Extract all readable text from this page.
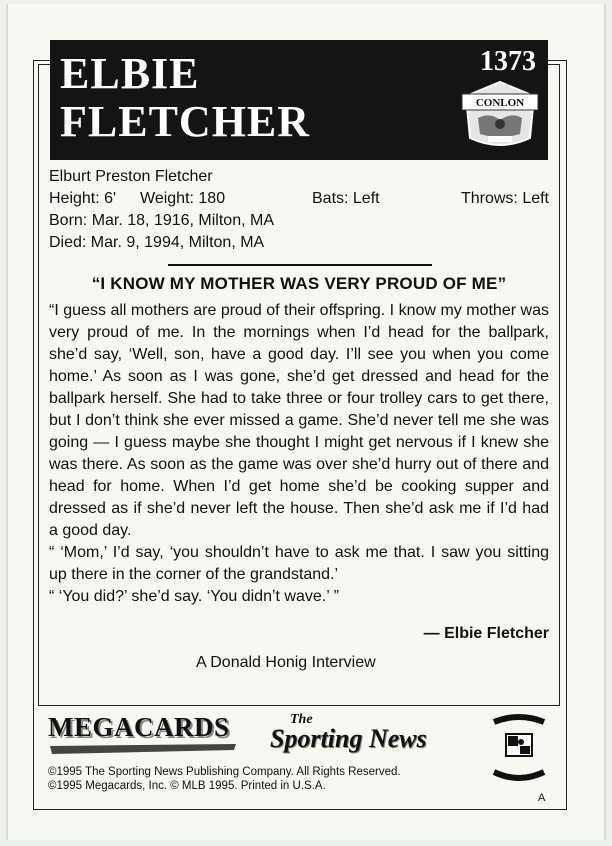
ELBIE
FLETCHER
1373
CONLON
Elburt Preston Fletcher
Height: 6'	Weight: 180	Bats: Left	Throws: Left
Born: Mar. 18, 1916, Milton, MA
Died: Mar. 9, 1994, Milton, MA
“I KNOW MY MOTHER WAS VERY PROUD OF ME”

“I guess all mothers are proud of their offspring. I know my mother was very proud of me. In the mornings when I’d head for the ballpark, she’d say, ‘Well, son, have a good day. I’ll see you when you come home.’ As soon as I was gone, she’d get dressed and head for the ballpark herself. She had to take three or four trolley cars to get there, but I don’t think she ever missed a game. She’d never tell me she was going — I guess maybe she thought I might get nervous if I knew she was there. As soon as the game was over she’d hurry out of there and head for home. When I’d get home she’d be cooking supper and dressed as if she’d never left the house. Then she’d ask me if I’d had a good day.

“ ‘Mom,’ I’d say, ‘you shouldn’t have to ask me that. I saw you sitting up there in the corner of the grandstand.’

“ ‘You did?’ she’d say. ‘You didn’t wave.’ ”

— Elbie Fletcher
A Donald Honig Interview
MEGACARDS	The
Sporting News

©1995 The Sporting News Publishing Company. All Rights Reserved.

©1995 Megacards, Inc. © MLB 1995. Printed in U.S.A.

A
